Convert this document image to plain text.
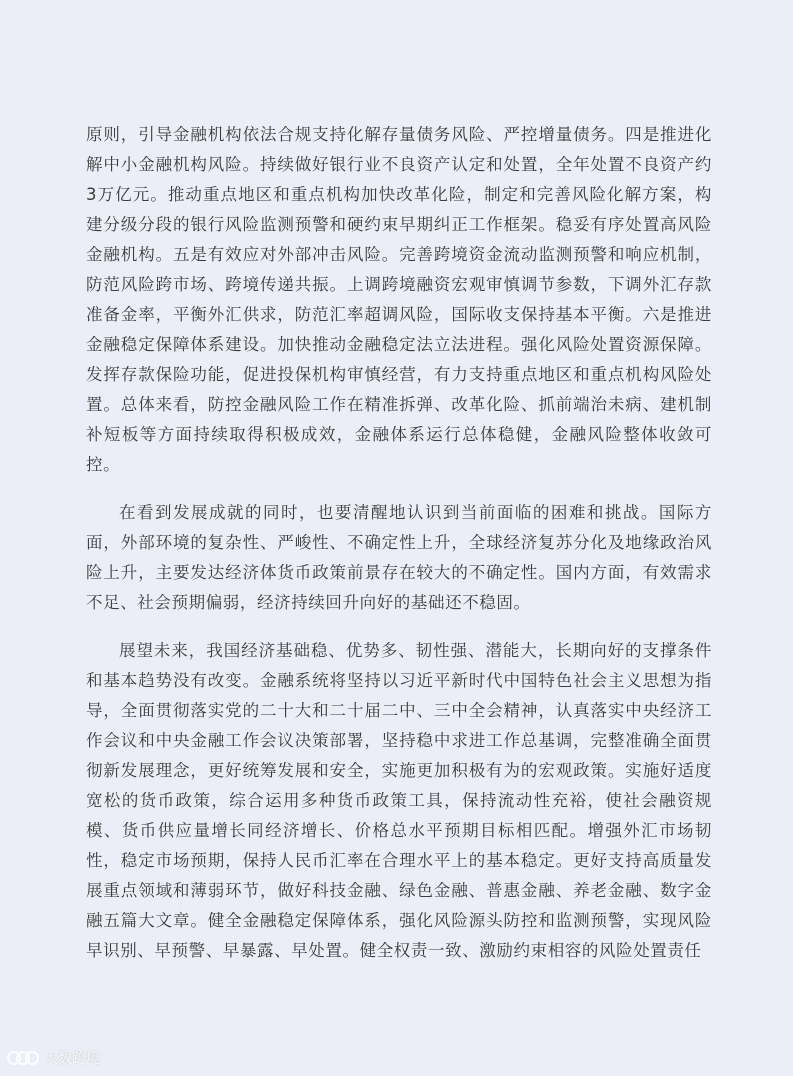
原则，引导金融机构依法合规支持化解存量债务风险、严控增量债务。四是推进化解中小金融机构风险。持续做好银行业不良资产认定和处置，全年处置不良资产约3万亿元。推动重点地区和重点机构加快改革化险，制定和完善风险化解方案，构建分级分段的银行风险监测预警和硬约束早期纠正工作框架。稳妥有序处置高风险金融机构。五是有效应对外部冲击风险。完善跨境资金流动监测预警和响应机制，防范风险跨市场、跨境传递共振。上调跨境融资宏观审慎调节参数，下调外汇存款准备金率，平衡外汇供求，防范汇率超调风险，国际收支保持基本平衡。六是推进金融稳定保障体系建设。加快推动金融稳定法立法进程。强化风险处置资源保障。发挥存款保险功能，促进投保机构审慎经营，有力支持重点地区和重点机构风险处置。总体来看，防控金融风险工作在精准拆弹、改革化险、抓前端治未病、建机制补短板等方面持续取得积极成效，金融体系运行总体稳健，金融风险整体收敛可控。

在看到发展成就的同时，也要清醒地认识到当前面临的困难和挑战。国际方面，外部环境的复杂性、严峻性、不确定性上升，全球经济复苏分化及地缘政治风险上升，主要发达经济体货币政策前景存在较大的不确定性。国内方面，有效需求不足、社会预期偏弱，经济持续回升向好的基础还不稳固。

展望未来，我国经济基础稳、优势多、韧性强、潜能大，长期向好的支撑条件和基本趋势没有改变。金融系统将坚持以习近平新时代中国特色社会主义思想为指导，全面贯彻落实党的二十大和二十届二中、三中全会精神，认真落实中央经济工作会议和中央金融工作会议决策部署，坚持稳中求进工作总基调，完整准确全面贯彻新发展理念，更好统筹发展和安全，实施更加积极有为的宏观政策。实施好适度宽松的货币政策，综合运用多种货币政策工具，保持流动性充裕，使社会融资规模、货币供应量增长同经济增长、价格总水平预期目标相匹配。增强外汇市场韧性，稳定市场预期，保持人民币汇率在合理水平上的基本稳定。更好支持高质量发展重点领域和薄弱环节，做好科技金融、绿色金融、普惠金融、养老金融、数字金融五篇大文章。健全金融稳定保障体系，强化风险源头防控和监测预警，实现风险早识别、早预警、早暴露、早处置。健全权责一致、激励约束相容的风险处置责任

大数跨境
